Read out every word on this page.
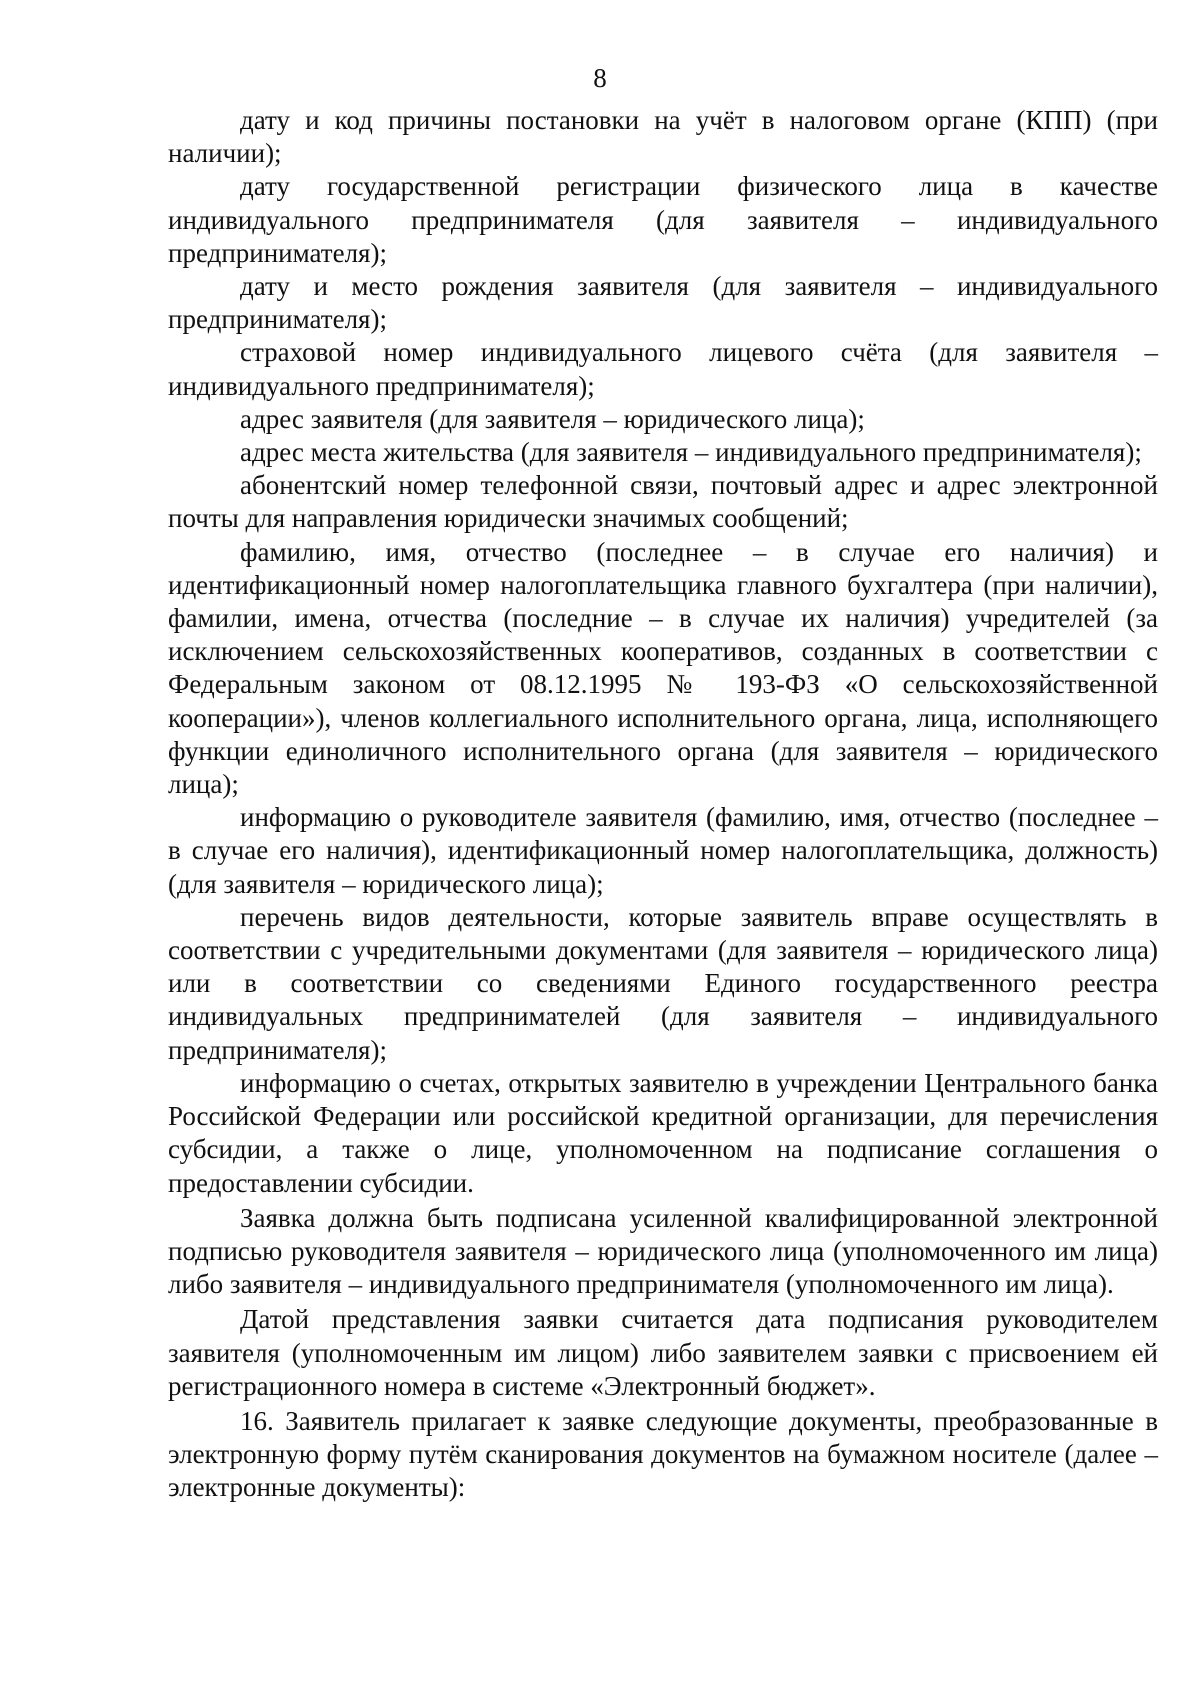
8

дату и код причины постановки на учёт в налоговом органе (КПП) (при наличии);

дату государственной регистрации физического лица в качестве индивидуального предпринимателя (для заявителя – индивидуального предпринимателя);

дату и место рождения заявителя (для заявителя – индивидуального предпринимателя);

страховой номер индивидуального лицевого счёта (для заявителя – индивидуального предпринимателя);

адрес заявителя (для заявителя – юридического лица);

адрес места жительства (для заявителя – индивидуального предпринимателя);

абонентский номер телефонной связи, почтовый адрес и адрес электронной почты для направления юридически значимых сообщений;

фамилию, имя, отчество (последнее – в случае его наличия) и идентификационный номер налогоплательщика главного бухгалтера (при наличии), фамилии, имена, отчества (последние – в случае их наличия) учредителей (за исключением сельскохозяйственных кооперативов, созданных в соответствии с Федеральным законом от 08.12.1995 № 193-ФЗ «О сельскохозяйственной кооперации»), членов коллегиального исполнительного органа, лица, исполняющего функции единоличного исполнительного органа (для заявителя – юридического лица);

информацию о руководителе заявителя (фамилию, имя, отчество (последнее – в случае его наличия), идентификационный номер налогоплательщика, должность) (для заявителя – юридического лица);

перечень видов деятельности, которые заявитель вправе осуществлять в соответствии с учредительными документами (для заявителя – юридического лица) или в соответствии со сведениями Единого государственного реестра индивидуальных предпринимателей (для заявителя – индивидуального предпринимателя);

информацию о счетах, открытых заявителю в учреждении Центрального банка Российской Федерации или российской кредитной организации, для перечисления субсидии, а также о лице, уполномоченном на подписание соглашения о предоставлении субсидии.

Заявка должна быть подписана усиленной квалифицированной электронной подписью руководителя заявителя – юридического лица (уполномоченного им лица) либо заявителя – индивидуального предпринимателя (уполномоченного им лица).

Датой представления заявки считается дата подписания руководителем заявителя (уполномоченным им лицом) либо заявителем заявки с присвоением ей регистрационного номера в системе «Электронный бюджет».

16. Заявитель прилагает к заявке следующие документы, преобразованные в электронную форму путём сканирования документов на бумажном носителе (далее – электронные документы):
